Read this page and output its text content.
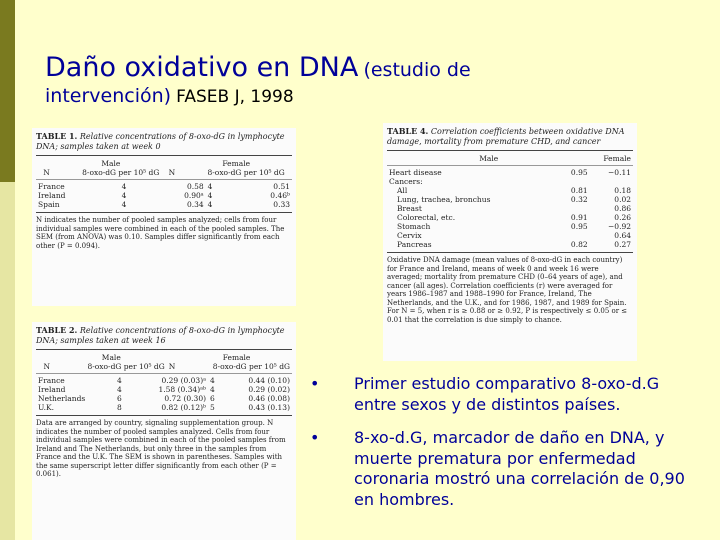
Daño oxidativo en DNA (estudio de
intervención) FASEB J, 1998
TABLE 1. Relative concentrations of 8-oxo-dG in lymphocyte DNA; samples taken at week 0
		Male			Female	
	N	8-oxo-dG per 10⁵ dG		N	8-oxo-dG per 10⁵ dG	
France	4	0.58	4	0.51
Ireland	4	0.90ᵃ	4	0.46ᵇ
Spain	4	0.34	4	0.33
N indicates the number of pooled samples analyzed; cells from four individual samples were combined in each of the pooled samples. The SEM (from ANOVA) was 0.10. Samples differ significantly from each other (P = 0.094).
TABLE 2. Relative concentrations of 8-oxo-dG in lymphocyte DNA; samples taken at week 16
		Male		Female
	N	8-oxo-dG per 10⁵ dG	N	8-oxo-dG per 10⁵ dG
France	4	0.29 (0.03)ᵃ	4	0.44 (0.10)
Ireland	4	1.58 (0.34)ᵃᵇ	4	0.29 (0.02)
Netherlands	6	0.72 (0.30)	6	0.46 (0.08)
U.K.	8	0.82 (0.12)ᵇ	5	0.43 (0.13)
Data are arranged by country, signaling supplementation group. N indicates the number of pooled samples analyzed. Cells from four individual samples were combined in each of the pooled samples from Ireland and The Netherlands, but only three in the samples from France and the U.K. The SEM is shown in parentheses. Samples with the same superscript letter differ significantly from each other (P = 0.061).
TABLE 4. Correlation coefficients between oxidative DNA damage, mortality from premature CHD, and cancer
	Male	Female
Heart disease	0.95	−0.11
Cancers:		
All	0.81	0.18
Lung, trachea, bronchus	0.32	0.02
Breast		0.86
Colorectal, etc.	0.91	0.26
Stomach	0.95	−0.92
Cervix		0.64
Pancreas	0.82	0.27
Oxidative DNA damage (mean values of 8-oxo-dG in each country) for France and Ireland, means of week 0 and week 16 were averaged; mortality from premature CHD (0–64 years of age), and cancer (all ages). Correlation coefficients (r) were averaged for years 1986–1987 and 1988–1990 for France, Ireland, The Netherlands, and the U.K., and for 1986, 1987, and 1989 for Spain. For N = 5, when r is ≥ 0.88 or ≥ 0.92, P is respectively ≤ 0.05 or ≤ 0.01 that the correlation is due simply to chance.
• Primer estudio comparativo 8-oxo-d.G entre sexos y de distintos países.
• 8-xo-d.G, marcador de daño en DNA, y muerte prematura por enfermedad coronaria mostró una correlación de 0,90 en hombres.
